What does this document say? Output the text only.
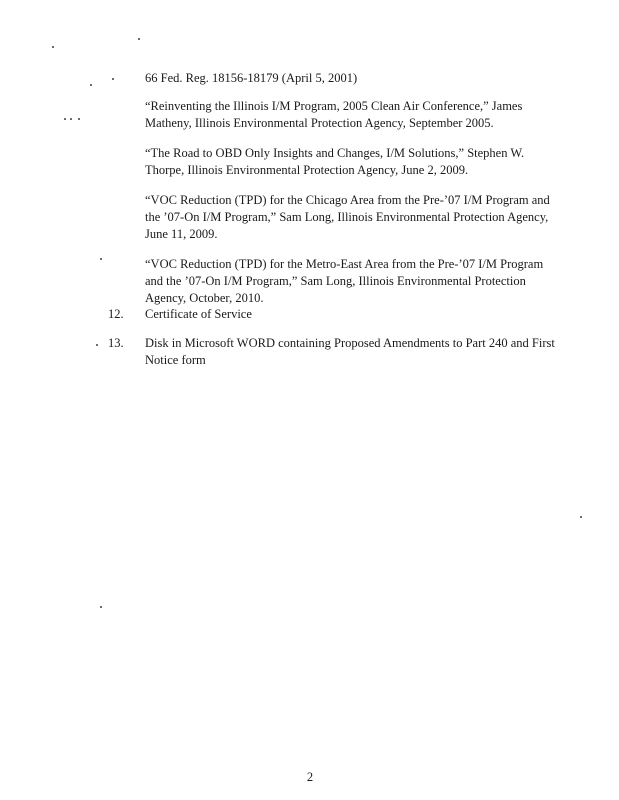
66 Fed. Reg. 18156-18179 (April 5, 2001)

“Reinventing the Illinois I/M Program, 2005 Clean Air Conference,” James Matheny, Illinois Environmental Protection Agency, September 2005.

“The Road to OBD Only Insights and Changes, I/M Solutions,” Stephen W. Thorpe, Illinois Environmental Protection Agency, June 2, 2009.

“VOC Reduction (TPD) for the Chicago Area from the Pre-’07 I/M Program and the ’07-On I/M Program,” Sam Long, Illinois Environmental Protection Agency, June 11, 2009.

“VOC Reduction (TPD) for the Metro-East Area from the Pre-’07 I/M Program and the ’07-On I/M Program,” Sam Long, Illinois Environmental Protection Agency, October, 2010.

12.	Certificate of Service

13.	Disk in Microsoft WORD containing Proposed Amendments to Part 240 and First Notice form

2
